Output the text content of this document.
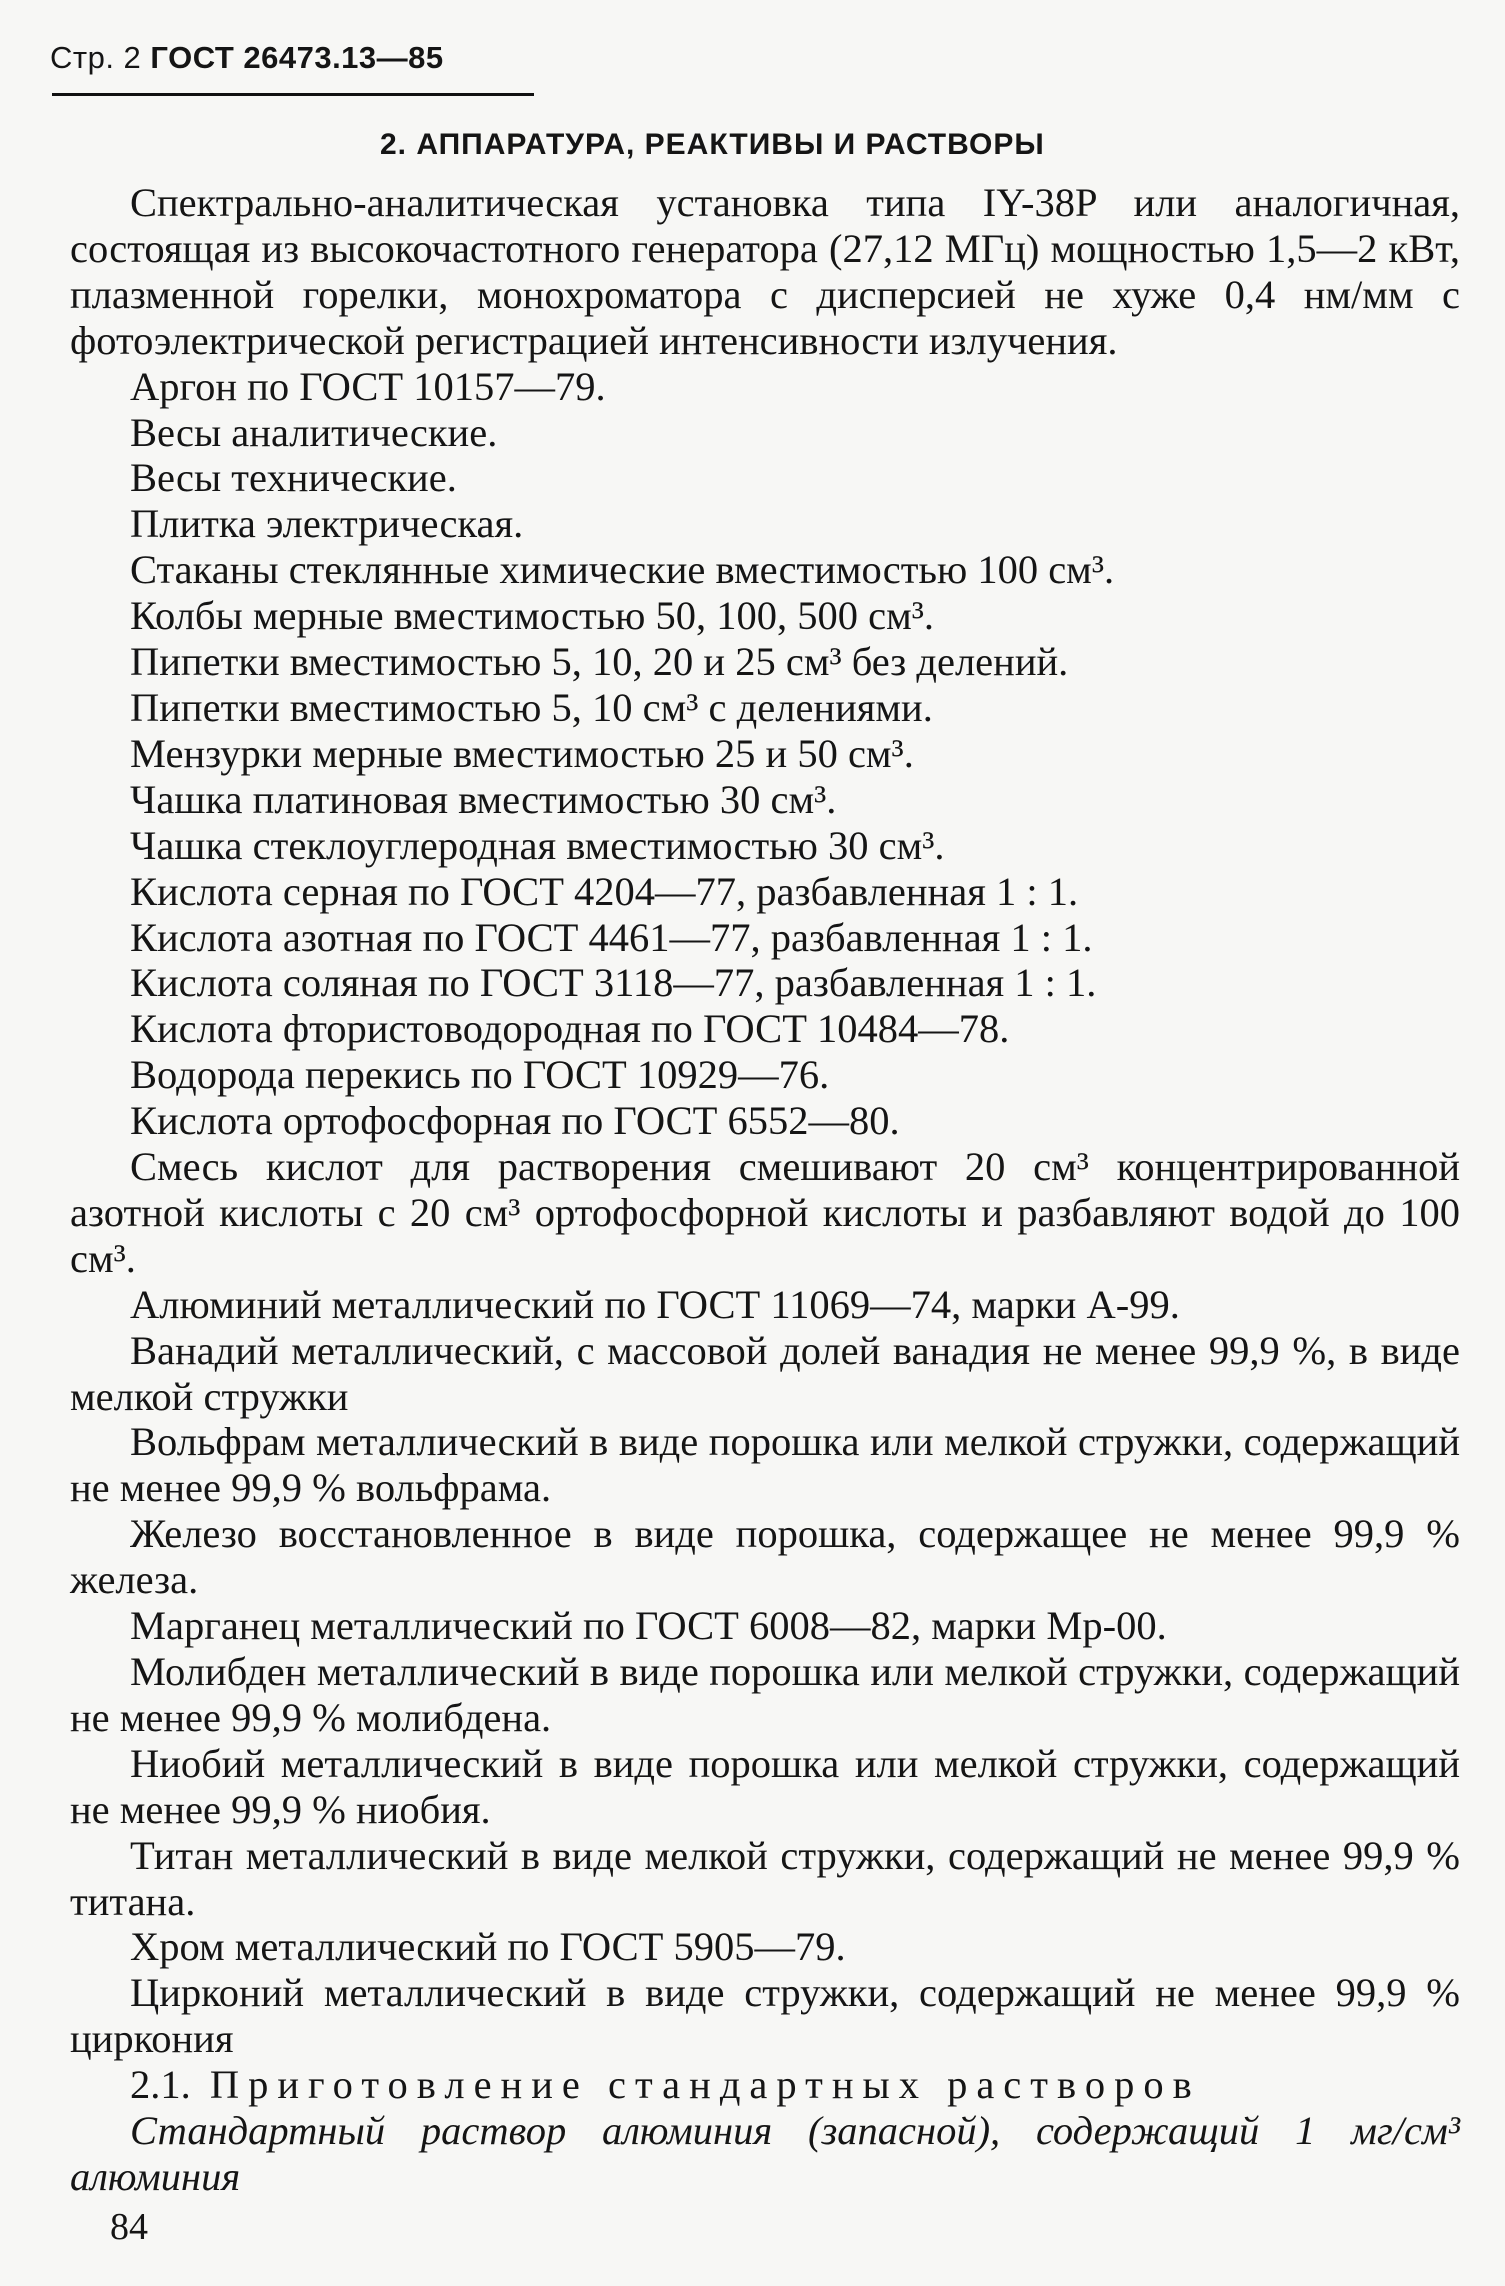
Стр. 2 ГОСТ 26473.13—85
2. АППАРАТУРА, РЕАКТИВЫ И РАСТВОРЫ

Спектрально-аналитическая установка типа IY-38P или аналогичная, состоящая из высокочастотного генератора (27,12 МГц) мощностью 1,5—2 кВт, плазменной горелки, монохроматора с дисперсией не хуже 0,4 нм/мм с фотоэлектрической регистрацией интенсивности излучения.

Аргон по ГОСТ 10157—79.

Весы аналитические.

Весы технические.

Плитка электрическая.

Стаканы стеклянные химические вместимостью 100 см³.

Колбы мерные вместимостью 50, 100, 500 см³.

Пипетки вместимостью 5, 10, 20 и 25 см³ без делений.

Пипетки вместимостью 5, 10 см³ с делениями.

Мензурки мерные вместимостью 25 и 50 см³.

Чашка платиновая вместимостью 30 см³.

Чашка стеклоуглеродная вместимостью 30 см³.

Кислота серная по ГОСТ 4204—77, разбавленная 1 : 1.

Кислота азотная по ГОСТ 4461—77, разбавленная 1 : 1.

Кислота соляная по ГОСТ 3118—77, разбавленная 1 : 1.

Кислота фтористоводородная по ГОСТ 10484—78.

Водорода перекись по ГОСТ 10929—76.

Кислота ортофосфорная по ГОСТ 6552—80.

Смесь кислот для растворения смешивают 20 см³ концентрированной азотной кислоты с 20 см³ ортофосфорной кислоты и разбавляют водой до 100 см³.

Алюминий металлический по ГОСТ 11069—74, марки А-99.

Ванадий металлический, с массовой долей ванадия не менее 99,9 %, в виде мелкой стружки

Вольфрам металлический в виде порошка или мелкой стружки, содержащий не менее 99,9 % вольфрама.

Железо восстановленное в виде порошка, содержащее не менее 99,9 % железа.

Марганец металлический по ГОСТ 6008—82, марки Мр-00.

Молибден металлический в виде порошка или мелкой стружки, содержащий не менее 99,9 % молибдена.

Ниобий металлический в виде порошка или мелкой стружки, содержащий не менее 99,9 % ниобия.

Титан металлический в виде мелкой стружки, содержащий не менее 99,9 % титана.

Хром металлический по ГОСТ 5905—79.

Цирконий металлический в виде стружки, содержащий не менее 99,9 % циркония

2.1. Приготовление стандартных растворов

Стандартный раствор алюминия (запасной), содержащий 1 мг/см³ алюминия

84
